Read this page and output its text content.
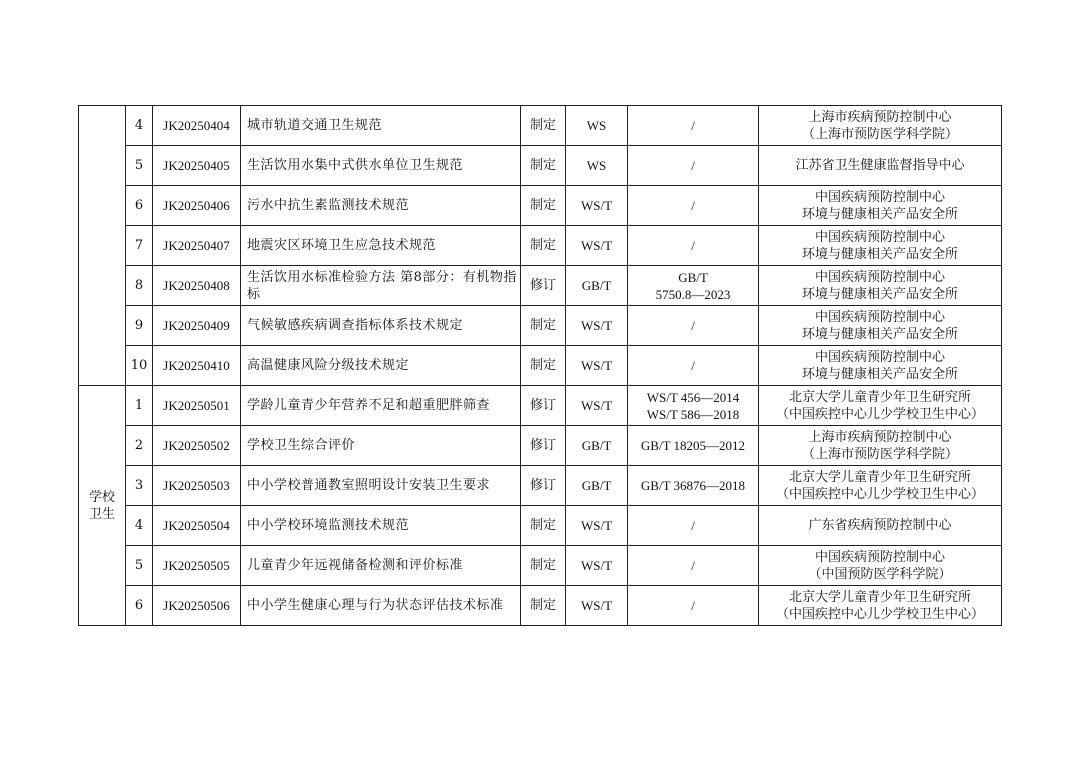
	4	JK20250404	城市轨道交通卫生规范	制定	WS	/	上海市疾病预防控制中心
（上海市预防医学科学院）

	5	JK20250405	生活饮用水集中式供水单位卫生规范	制定	WS	/	江苏省卫生健康监督指导中心

	6	JK20250406	污水中抗生素监测技术规范	制定	WS/T	/	中国疾病预防控制中心
环境与健康相关产品安全所

	7	JK20250407	地震灾区环境卫生应急技术规范	制定	WS/T	/	中国疾病预防控制中心
环境与健康相关产品安全所

	8	JK20250408	生活饮用水标准检验方法 第8部分：有机物指标	修订	GB/T	GB/T
5750.8—2023	中国疾病预防控制中心
环境与健康相关产品安全所

	9	JK20250409	气候敏感疾病调查指标体系技术规定	制定	WS/T	/	中国疾病预防控制中心
环境与健康相关产品安全所

	10	JK20250410	高温健康风险分级技术规定	制定	WS/T	/	中国疾病预防控制中心
环境与健康相关产品安全所

学校
卫生	1	JK20250501	学龄儿童青少年营养不足和超重肥胖筛查	修订	WS/T	WS/T 456—2014
WS/T 586—2018	北京大学儿童青少年卫生研究所
（中国疾控中心儿少学校卫生中心）

	2	JK20250502	学校卫生综合评价	修订	GB/T	GB/T 18205—2012	上海市疾病预防控制中心
（上海市预防医学科学院）

	3	JK20250503	中小学校普通教室照明设计安装卫生要求	修订	GB/T	GB/T 36876—2018	北京大学儿童青少年卫生研究所
（中国疾控中心儿少学校卫生中心）

	4	JK20250504	中小学校环境监测技术规范	制定	WS/T	/	广东省疾病预防控制中心

	5	JK20250505	儿童青少年远视储备检测和评价标准	制定	WS/T	/	中国疾病预防控制中心
（中国预防医学科学院）

	6	JK20250506	中小学生健康心理与行为状态评估技术标准	制定	WS/T	/	北京大学儿童青少年卫生研究所
（中国疾控中心儿少学校卫生中心）
